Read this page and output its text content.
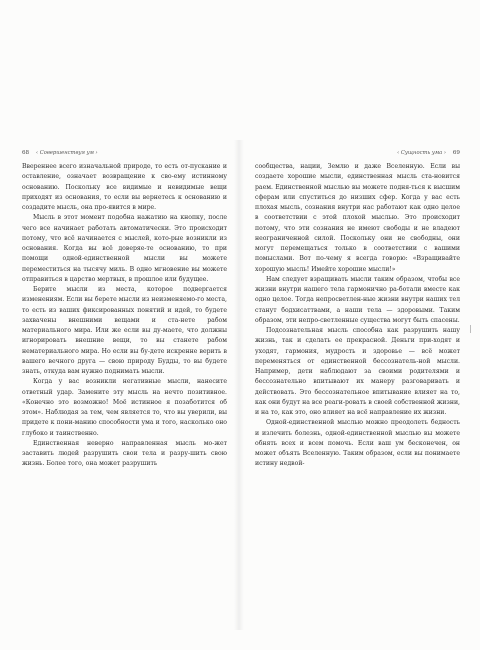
68 ‹ Совершенствуя ум ›

Ввереннее всего изначальной природе, то есть от-пускание и оставление, означает возвращение к сво-ему истинному основанию. Поскольку все видимые и невидимые вещи приходят из основания, то если вы вернетесь к основанию и создадите мысль, она про-явится в мире.

Мысль в этот момент подобна нажатию на кнопку, после чего все начинает работать автоматически. Это происходит потому, что всё начинается с мыслей, кото-рые возникли из основания. Когда вы всё доверяе-те основанию, то при помощи одной-единственной мысли вы можете переместиться на тысячу миль. В одно мгновение вы можете отправиться в царство мертвых, в прошлое или будущее.

Берите мысли из места, которое подвергается изменениям. Если вы берете мысли из неизменяемо-го места, то есть из ваших фиксированных понятий и идей, то будете захвачены внешними вещами и ста-нете рабом материального мира. Или же если вы ду-маете, что должны игнорировать внешние вещи, то вы станете рабом нематериального мира. Но если вы бу-дете искренне верить в вашего вечного друга — свою природу Будды, то вы будете знать, откуда вам нужно поднимать мысли.

Когда у вас возникли негативные мысли, нанесите ответный удар. Замените эту мысль на нечто позитивное. «Конечно это возможно! Моё истинное я позаботится об этом». Наблюдая за тем, чем является то, что вы уверили, вы придете к пони-манию способности ума и того, насколько оно глубоко и таинственно.

Единственная неверно направленная мысль мо-жет заставить людей разрушить свои тела и разру-шить свою жизнь. Более того, она может разрушить

‹ Сущность ума › 69

сообщества, нации, Землю и даже Вселенную. Если вы создаете хорошие мысли, единственная мысль ста-новится раем. Единственной мыслью вы можете подня-ться к высшим сферам или спуститься до низших сфер. Когда у вас есть плохая мысль, сознания внутри нас работают как одно целое в соответствии с этой плохой мыслью. Это происходит потому, что эти сознания не имеют свободы и не владеют неограниченной силой. Поскольку они не свободны, они могут перемещаться только в соответствии с вашими помыслами. Вот по-чему я всегда говорю: «Взращивайте хорошую мысль! Имейте хорошие мысли!»

Нам следует взращивать мысли таким образом, чтобы все жизни внутри нашего тела гармонично ра-ботали вместе как одно целое. Тогда непросветлен-ные жизни внутри наших тел станут бодхисаттвами, а наши тела — здоровыми. Таким образом, эти непро-светленные существа могут быть спасены.

Подсознательная мысль способна как разрушить нашу жизнь, так и сделать ее прекрасной. Деньги при-ходят и уходят, гармония, мудрость и здоровье — всё может переменяться от единственной бессознатель-ной мысли. Например, дети наблюдают за своими родителями и бессознательно впитывают их манеру разговаривать и действовать. Это бессознательное впитывание влияет на то, как они будут на все реаги-ровать в своей собственной жизни, и на то, как это, оно влияет на всё направление их жизни.

Одной-единственной мыслью можно преодолеть бедность и излечить болезнь, одной-единственной мыслью вы можете обнять всех и всем помочь. Если ваш ум бесконечен, он может объять Вселенную. Таким образом, если вы понимаете истину недвой-
